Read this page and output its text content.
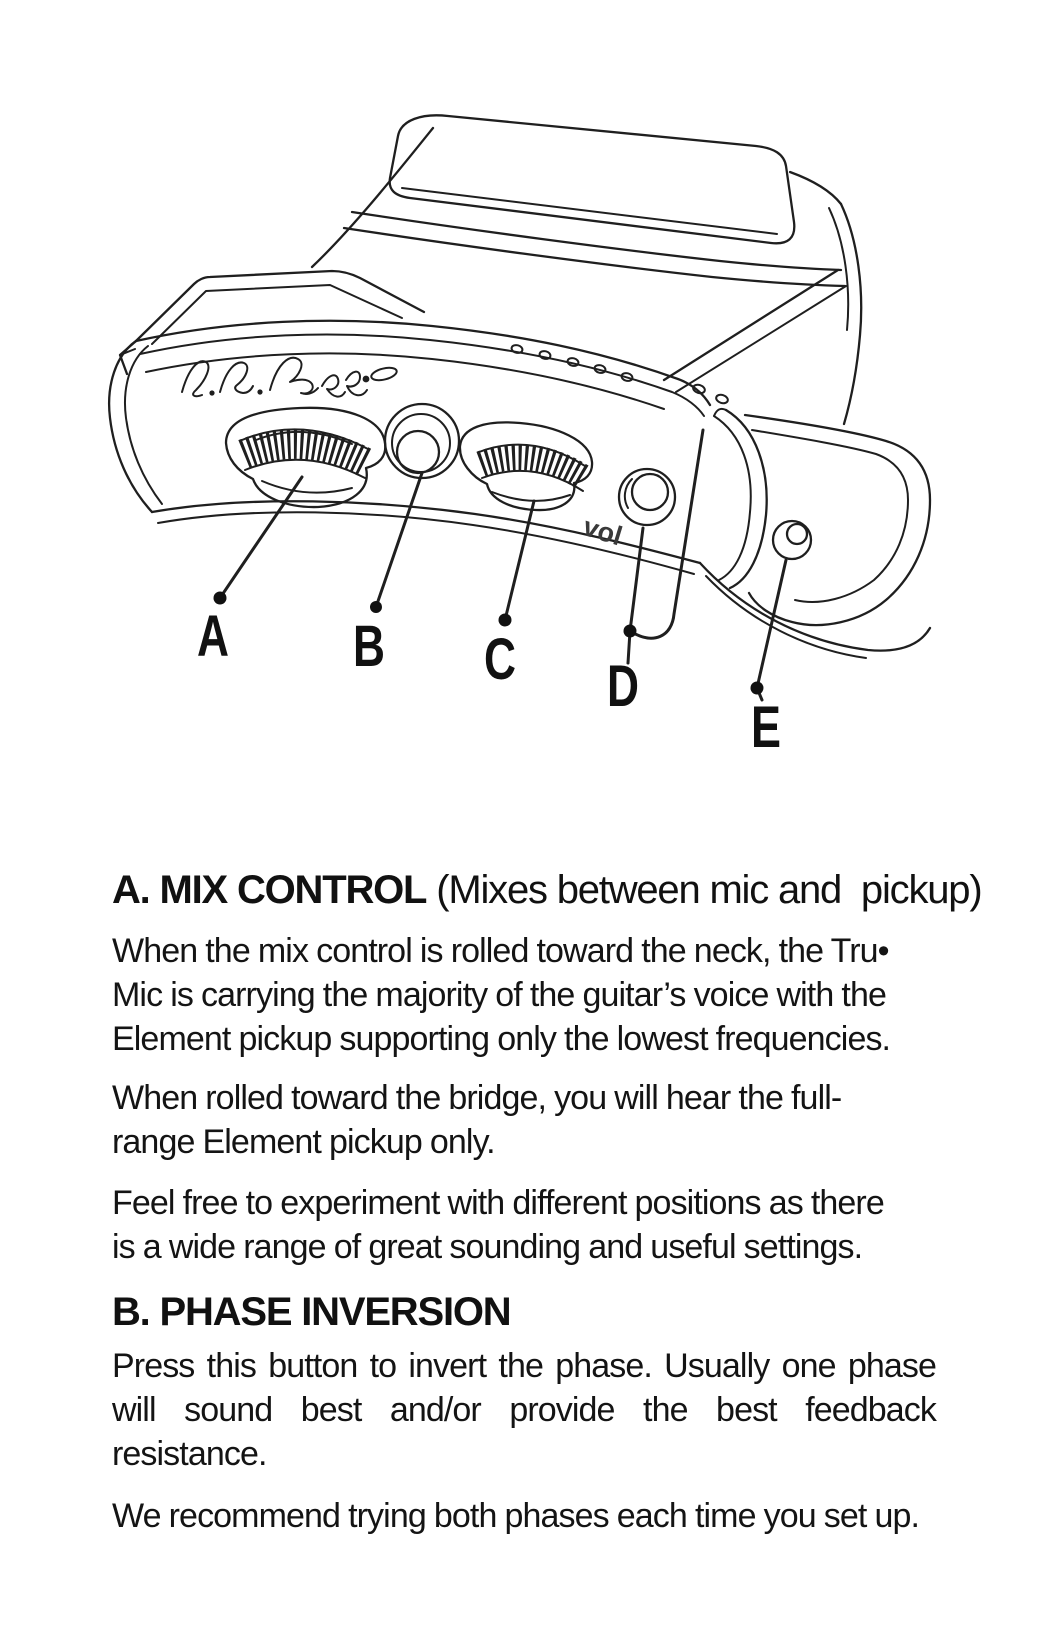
vol
A B C D
E
A. MIX CONTROL (Mixes between mic and  pickup)
When the mix control is rolled toward the neck, the Tru•
Mic is carrying the majority of the guitar’s voice with the
Element pickup supporting only the lowest frequencies.
When rolled toward the bridge, you will hear the full-
range Element pickup only.
Feel free to experiment with different positions as there
is a wide range of great sounding and useful settings.
B. PHASE INVERSION
Press this button to invert the phase. Usually one phase
will sound best and/or provide the best feedback
resistance.
We recommend trying both phases each time you set up.
